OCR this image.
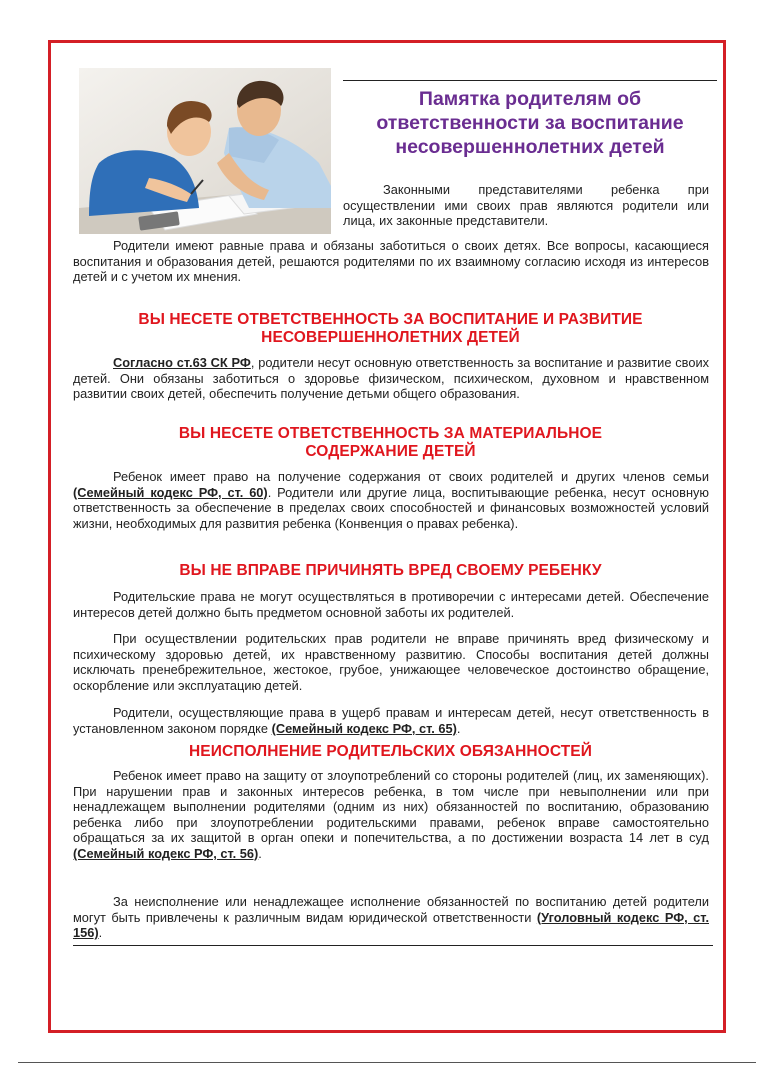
Памятка родителям об
ответственности за воспитание
несовершеннолетних детей

Законными представителями ребенка при осуществлении ими своих прав являются родители или лица, их законные представители.

Родители имеют равные права и обязаны заботиться о своих детях. Все вопросы, касающиеся воспитания и образования детей, решаются родителями по их взаимному согласию исходя из интересов детей и с учетом их мнения.

ВЫ НЕСЕТЕ ОТВЕТСТВЕННОСТЬ ЗА ВОСПИТАНИЕ И РАЗВИТИЕ
НЕСОВЕРШЕННОЛЕТНИХ ДЕТЕЙ

Согласно ст.63 СК РФ, родители несут основную ответственность за воспитание и развитие своих детей. Они обязаны заботиться о здоровье физическом, психическом, духовном и нравственном развитии своих детей, обеспечить получение детьми общего образования.

ВЫ НЕСЕТЕ ОТВЕТСТВЕННОСТЬ ЗА МАТЕРИАЛЬНОЕ
СОДЕРЖАНИЕ ДЕТЕЙ

Ребенок имеет право на получение содержания от своих родителей и других членов семьи (Семейный кодекс РФ, ст. 60). Родители или другие лица, воспитывающие ребенка, несут основную ответственность за обеспечение в пределах своих способностей и финансовых возможностей условий жизни, необходимых для развития ребенка (Конвенция о правах ребенка).

ВЫ НЕ ВПРАВЕ ПРИЧИНЯТЬ ВРЕД СВОЕМУ РЕБЕНКУ

Родительские права не могут осуществляться в противоречии с интересами детей. Обеспечение интересов детей должно быть предметом основной заботы их родителей.

При осуществлении родительских прав родители не вправе причинять вред физическому и психическому здоровью детей, их нравственному развитию. Способы воспитания детей должны исключать пренебрежительное, жестокое, грубое, унижающее человеческое достоинство обращение, оскорбление или эксплуатацию детей.

Родители, осуществляющие права в ущерб правам и интересам детей, несут ответственность в установленном законом порядке (Семейный кодекс РФ, ст. 65).

НЕИСПОЛНЕНИЕ РОДИТЕЛЬСКИХ ОБЯЗАННОСТЕЙ

Ребенок имеет право на защиту от злоупотреблений со стороны родителей (лиц, их заменяющих). При нарушении прав и законных интересов ребенка, в том числе при невыполнении или при ненадлежащем выполнении родителями (одним из них) обязанностей по воспитанию, образованию ребенка либо при злоупотреблении родительскими правами, ребенок вправе самостоятельно обращаться за их защитой в орган опеки и попечительства, а по достижении возраста 14 лет в суд (Семейный кодекс РФ, ст. 56).

За неисполнение или ненадлежащее исполнение обязанностей по воспитанию детей родители могут быть привлечены к различным видам юридической ответственности (Уголовный кодекс РФ, ст. 156).
